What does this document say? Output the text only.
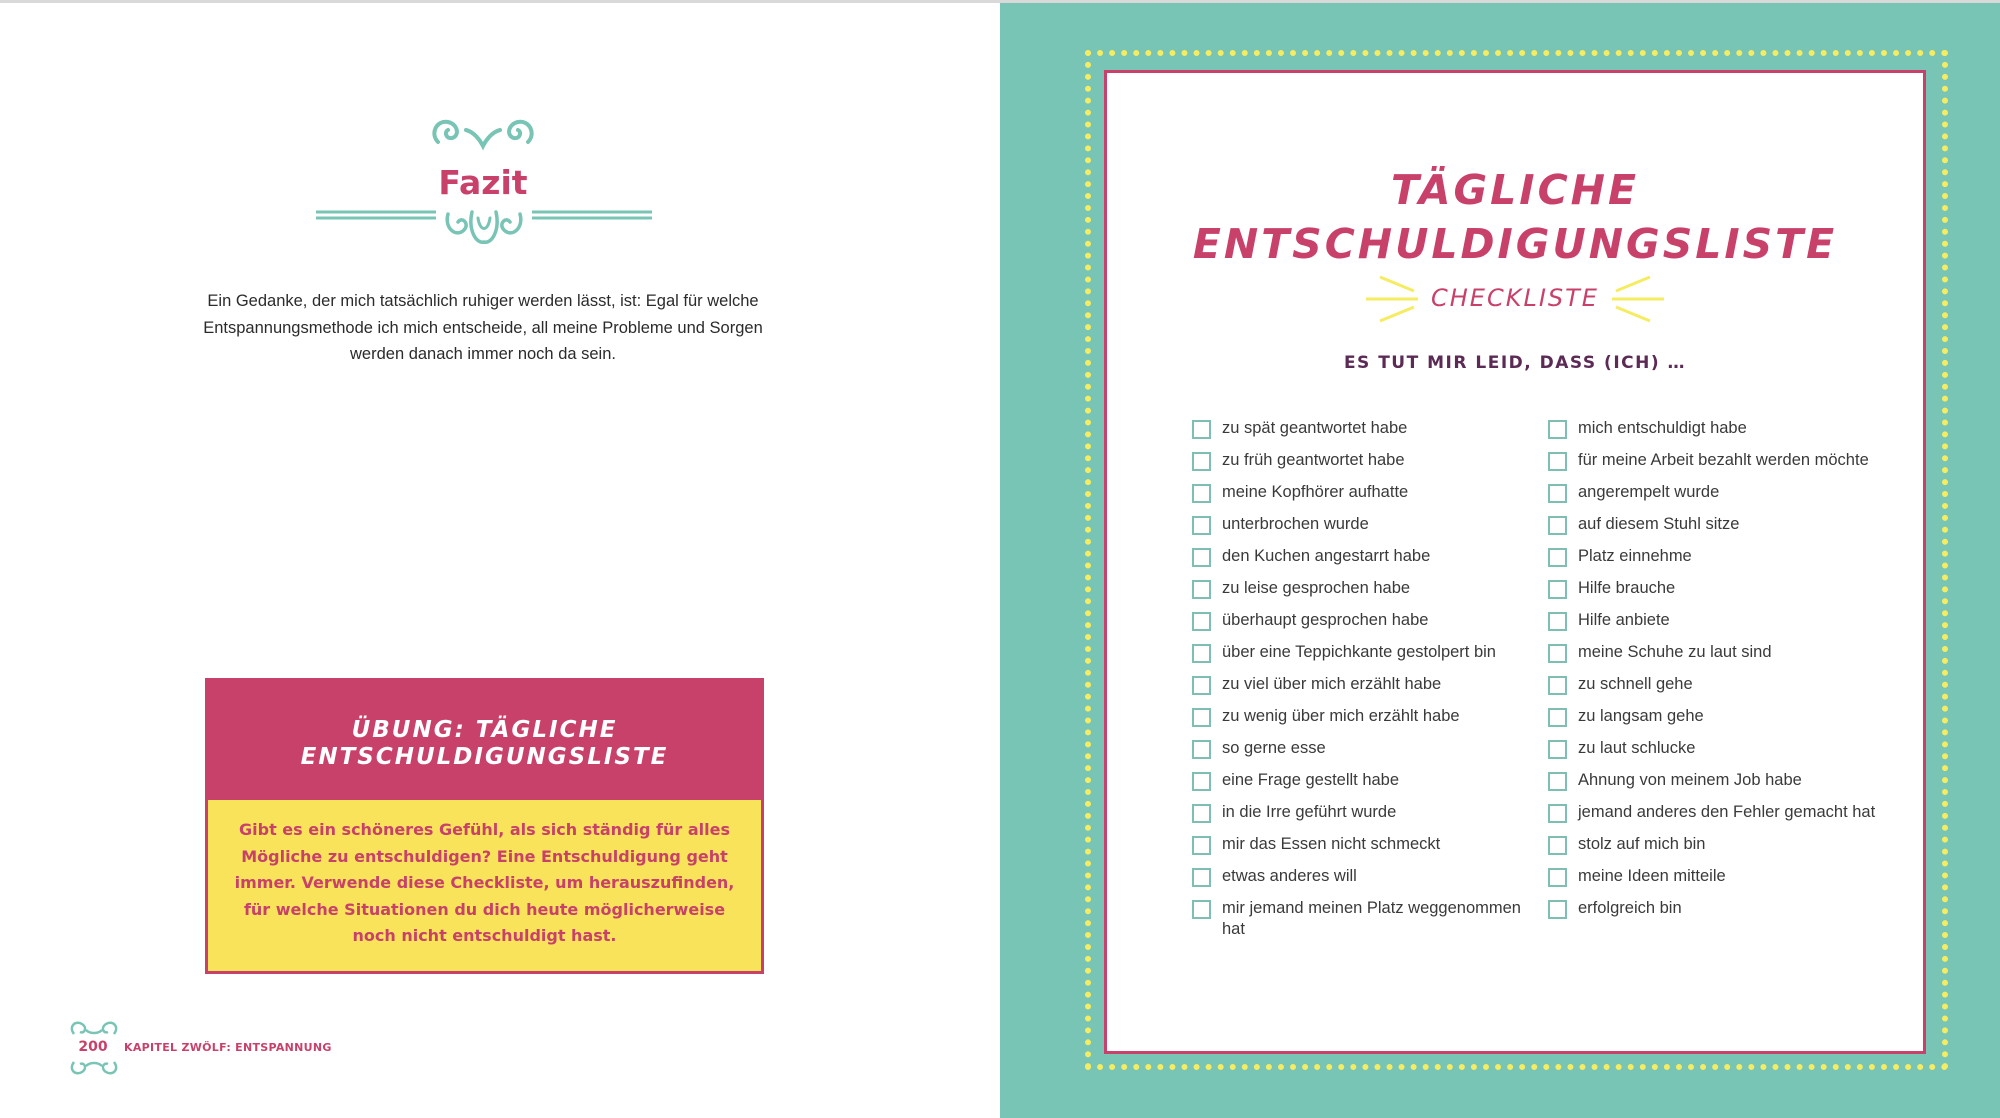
Fazit
Ein Gedanke, der mich tatsächlich ruhiger werden lässt, ist: Egal für welche Entspannungsmethode ich mich entscheide, all meine Probleme und Sorgen werden danach immer noch da sein.
ÜBUNG: TÄGLICHE
ENTSCHULDIGUNGSLISTE
Gibt es ein schöneres Gefühl, als sich ständig für alles Mögliche zu entschuldigen? Eine Entschuldigung geht immer. Verwende diese Checkliste, um herauszufinden, für welche Situationen du dich heute möglicherweise noch nicht entschuldigt hast.
200	KAPITEL ZWÖLF: ENTSPANNUNG
TÄGLICHE
ENTSCHULDIGUNGSLISTE
CHECKLISTE
ES TUT MIR LEID, DASS (ICH) …
zu spät geantwortet habe
zu früh geantwortet habe
meine Kopfhörer aufhatte
unterbrochen wurde
den Kuchen angestarrt habe
zu leise gesprochen habe
überhaupt gesprochen habe
über eine Teppichkante gestolpert bin
zu viel über mich erzählt habe
zu wenig über mich erzählt habe
so gerne esse
eine Frage gestellt habe
in die Irre geführt wurde
mir das Essen nicht schmeckt
etwas anderes will
mir jemand meinen Platz weggenommen hat
mich entschuldigt habe
für meine Arbeit bezahlt werden möchte
angerempelt wurde
auf diesem Stuhl sitze
Platz einnehme
Hilfe brauche
Hilfe anbiete
meine Schuhe zu laut sind
zu schnell gehe
zu langsam gehe
zu laut schlucke
Ahnung von meinem Job habe
jemand anderes den Fehler gemacht hat
stolz auf mich bin
meine Ideen mitteile
erfolgreich bin
